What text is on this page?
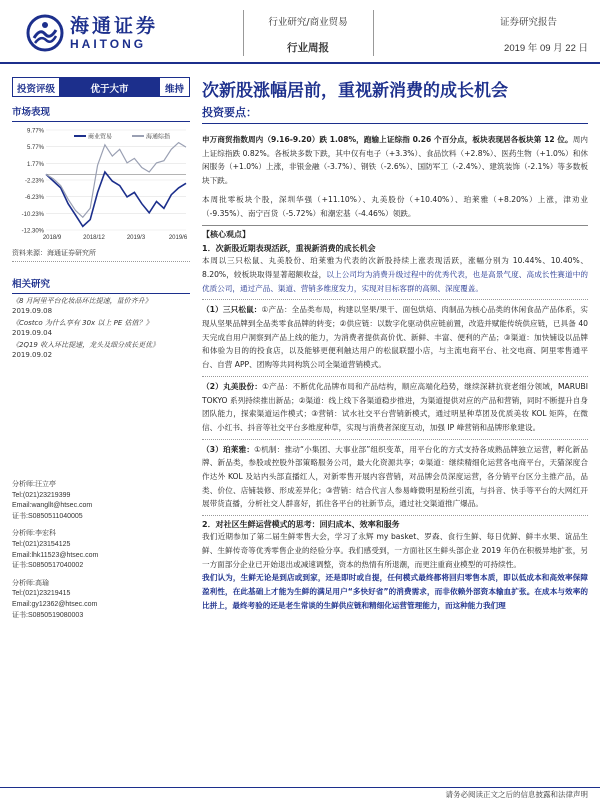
海通证券
HAITONG
行业研究/商业贸易
行业周报
证券研究报告
2019 年 09 月 22 日
投资评级	优于大市	维持 次新股涨幅居前，重视新消费的成长机会
市场表现
9.77%
5.77%
1.77%
-2.23%
-6.23%
-10.23%
-12.30%
2018/9	2018/12	2019/3	2019/6
商业贸易	海通综指
资料来源：海通证券研究所
相关研究
《8 月阿里平台化妆品环比提速，量价齐升》 2019.09.08
《Costco 为什么享有 30x 以上 PE 估值？》 2019.09.04
《2Q19 收入环比提速，龙头及细分成长更优》 2019.09.02
分析师:汪立亭
Tel:(021)23219399
Email:wangllt@htsec.com
证书:S0850511040005
分析师:李宏科
Tel:(021)23154125
Email:lhk11523@htsec.com
证书:S0850517040002
分析师:高瑜
Tel:(021)23219415
Email:gy12362@htsec.com
证书:S0850519080003
投资要点：

申万商贸指数周内（9.16-9.20）跌 1.08%，跑输上证综指 0.26 个百分点，板块表现居各板块第 12 位。周内上证综指跌 0.82%。各板块多数下跌，其中仅有电子（+3.3%）、食品饮料（+2.8%）、医药生物（+1.0%）和休闲服务（+1.0%）上涨，非银金融（-3.7%）、钢铁（-2.6%）、国防军工（-2.4%）、建筑装饰（-2.1%）等多数板块下跌。

本周批零板块个股，深圳华强（+11.10%）、丸美股份（+10.40%）、珀莱雅（+8.20%）上涨，津劝业（-9.35%）、南宁百货（-5.72%）和潮宏基（-4.46%）领跌。

【核心观点】
1．次新股近期表现活跃，重视新消费的成长机会

本周以三只松鼠、丸美股份、珀莱雅为代表的次新股持续上涨表现活跃，涨幅分别为 10.44%、10.40%、8.20%，较板块取得显著超额收益，以上公司均为消费升级过程中的优秀代表，也是高景气度、高成长性赛道中的优质公司，通过产品、渠道、营销多维度发力，实现对目标客群的高频、深度覆盖。

（1）三只松鼠：①产品：全品类布局，构建以坚果/果干、面包烘焙、肉制品为核心品类的休闲食品产品体系，实现从坚果品牌到全品类零食品牌的转变；②供应链：以数字化驱动供应链前置，改造并赋能传统供应链，已具备 40 天完成自用户洞察到产品上线的能力，为消费者提供高价优、新鲜、丰富、便利的产品；③渠道：加快铺设以品牌和体验为目的的投食店，以及能够更便利触达用户的松鼠联盟小店，与主流电商平台、社交电商、阿里零售通平台、自营 APP、团购等共同构筑公司全渠道营销模式。

（2）丸美股份：①产品：不断优化品牌布局和产品结构，顺应高端化趋势，继续深耕抗衰老细分领域，MARUBI TOKYO 系列持续推出新品；②渠道：线上线下各渠道稳步推进，为渠道提供对应的产品和营销，同时不断提升自身团队能力，探索渠道运作模式；③营销：试水社交平台营销新模式，通过明星种草团及优质美妆 KOL 矩阵，在微信、小红书、抖音等社交平台多维度种草，实现与消费者深度互动，加强 IP 峰营销和品牌形象建设。

（3）珀莱雅：①机制：推动“小集团、大事业部”组织变革，用平台化的方式支持各成熟品牌独立运营，孵化新品牌、新品类，参股或控股外部策略服务公司，最大化资源共享；②渠道：继续精细化运营各电商平台，天猫深度合作达外 KOL 及站内头部直播红人，对新零售开展内容营销，对品牌会员深度运营，各分销平台区分主推产品，品类、价位、店铺装修、形成差异化；③营销：结合代言人参易峰微明星粉丝引流，与抖音、快手等平台的大网红开展带货直播，分析社交人群喜好，抓住各平台的社新节点，通过社交渠道推广爆品。

2．对社区生鲜运营模式的思考：回归成本、效率和服务

我们近期参加了第二届生鲜零售大会，学习了永辉 my basket、罗森、食行生鲜、每日优鲜、鲜丰水果、谊品生鲜、生鲜传奇等优秀零售企业的经验分享。我们感受到，一方面社区生鲜头部企业 2019 年仍在积极异地扩张，另一方面部分企业已开始退出或减速调整，资本的热情有所退潮，而更注重商业模型的可持续性。

我们认为，生鲜无论是到店或到家，还是即时或自提，任何模式最终都将回归零售本质，即以低成本和高效率保障盈利性，在此基础上才能为生鲜的满足用户“多快好省”的消费需求，而非依赖外部资本输血扩张。在成本与效率的比拼上，最终考验的还是老生常谈的生鲜供应链和精细化运营管理能力，而这种能力我们理

请务必阅读正文之后的信息披露和法律声明
